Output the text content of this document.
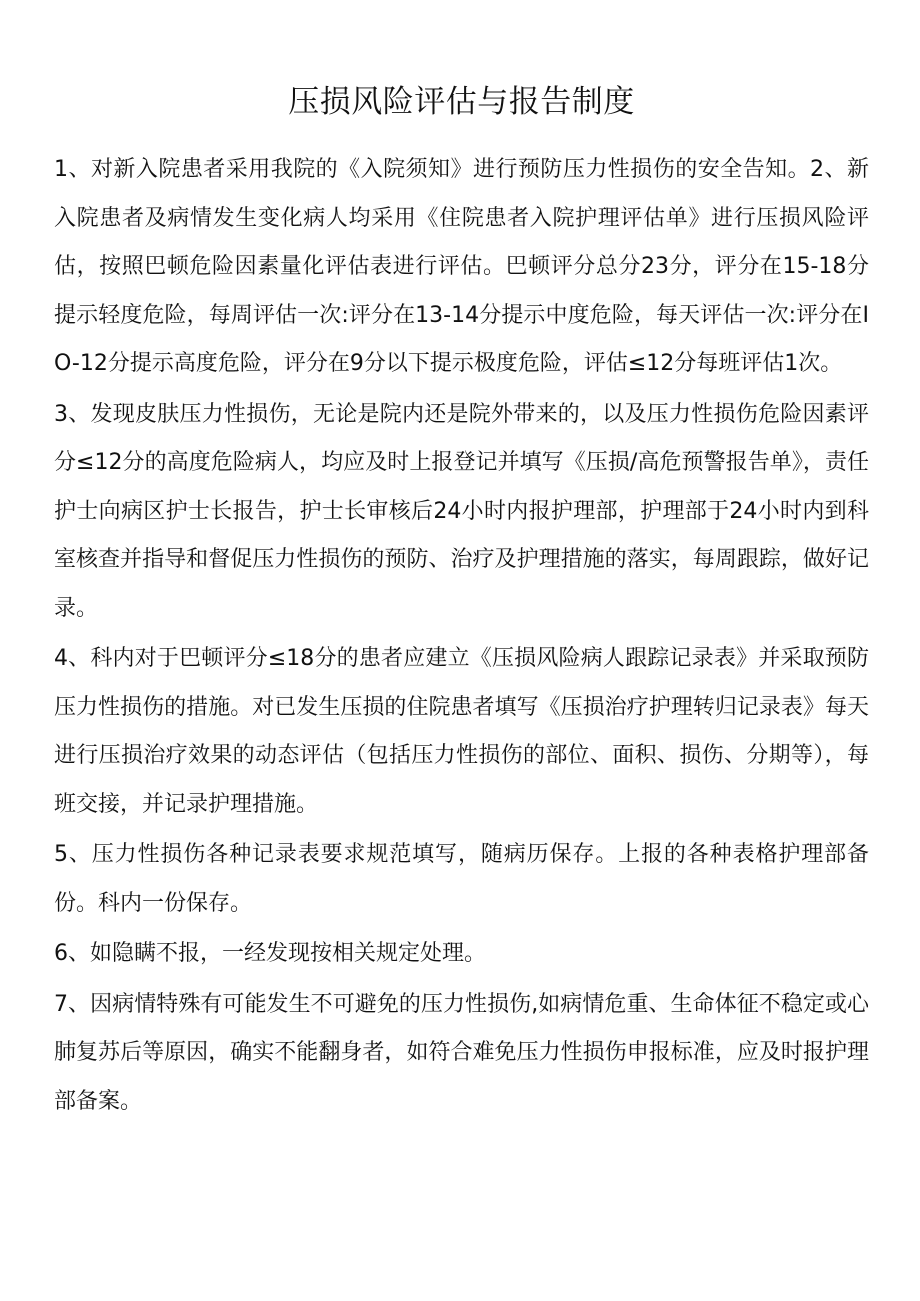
压损风险评估与报告制度

1、对新入院患者采用我院的《入院须知》进行预防压力性损伤的安全告知。2、新入院患者及病情发生变化病人均采用《住院患者入院护理评估单》进行压损风险评估，按照巴顿危险因素量化评估表进行评估。巴顿评分总分23分，评分在15-18分提示轻度危险，每周评估一次:评分在13-14分提示中度危险，每天评估一次:评分在IO-12分提示高度危险，评分在9分以下提示极度危险，评估≤12分每班评估1次。

3、发现皮肤压力性损伤，无论是院内还是院外带来的，以及压力性损伤危险因素评分≤12分的高度危险病人，均应及时上报登记并填写《压损/高危预警报告单》，责任护士向病区护士长报告，护士长审核后24小时内报护理部，护理部于24小时内到科室核查并指导和督促压力性损伤的预防、治疗及护理措施的落实，每周跟踪，做好记录。

4、科内对于巴顿评分≤18分的患者应建立《压损风险病人跟踪记录表》并采取预防压力性损伤的措施。对已发生压损的住院患者填写《压损治疗护理转归记录表》每天进行压损治疗效果的动态评估（包括压力性损伤的部位、面积、损伤、分期等），每班交接，并记录护理措施。

5、压力性损伤各种记录表要求规范填写，随病历保存。上报的各种表格护理部备份。科内一份保存。

6、如隐瞒不报，一经发现按相关规定处理。

7、因病情特殊有可能发生不可避免的压力性损伤,如病情危重、生命体征不稳定或心肺复苏后等原因，确实不能翻身者，如符合难免压力性损伤申报标准，应及时报护理部备案。
